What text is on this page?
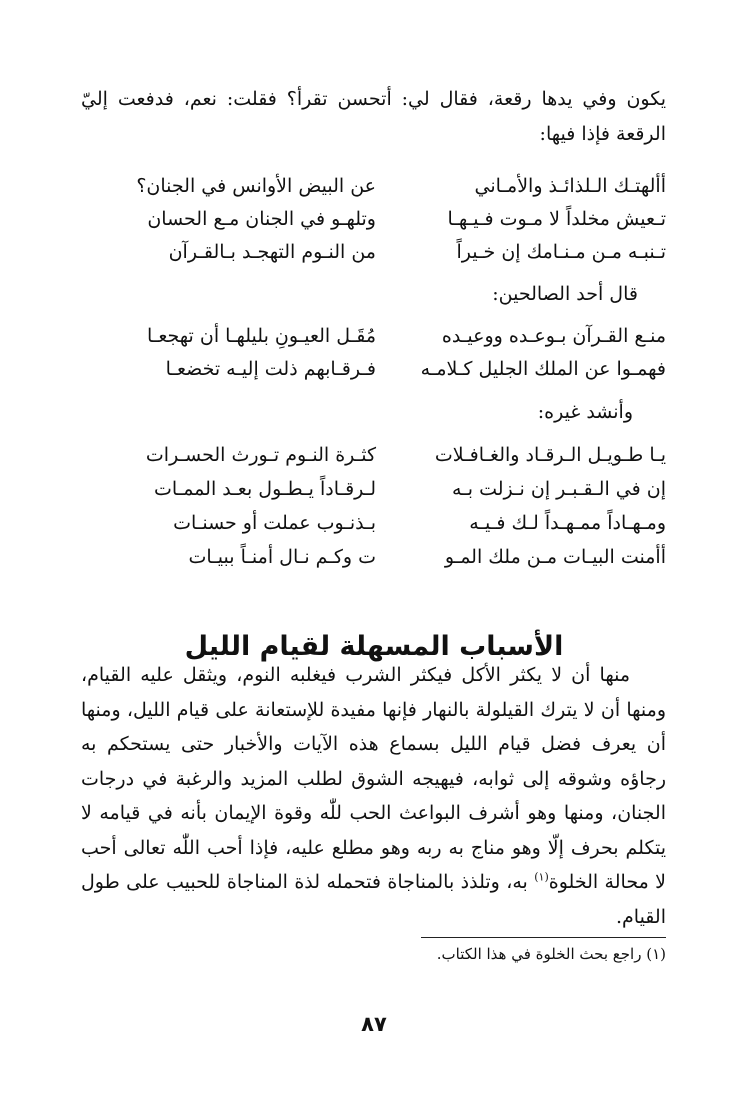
يكون وفي يدها رقعة، فقال لي: أتحسن تقرأ؟ فقلت: نعم، فدفعت إليّ الرقعة فإذا فيها:

أألهتـك الـلذائـذ والأمـاني
عن البيض الأوانس في الجنان؟
تـعيش مخلداً لا مـوت فـيـهـا
وتلهـو في الجنان مـع الحسان
تـنبـه مـن مـنـامك إن خـيراً
من النـوم التهجـد بـالقـرآن
قال أحد الصالحين:
منـع القـرآن بـوعـده ووعيـده
مُقَـل العيـونِ بليلهـا أن تهجعـا
فهمـوا عن الملك الجليل كـلامـه
فـرقـابهم ذلت إليـه تخضعـا
وأنشد غيره:
يـا طـويـل الـرقـاد والغـافـلات
كثـرة النـوم تـورث الحسـرات
إن في الـقـبـر إن نـزلت بـه
لـرقـاداً يـطـول بعـد الممـات
ومـهـاداً ممـهـداً لـك فـيـه
بـذنـوب عملت أو حسنـات
أأمنت البيـات مـن ملك المـو
ت وكـم نـال أمنـاً ببيـات
الأسباب المسهلة لقيام الليل

منها أن لا يكثر الأكل فيكثر الشرب فيغلبه النوم، ويثقل عليه القيام، ومنها أن لا يترك القيلولة بالنهار فإنها مفيدة للإستعانة على قيام الليل، ومنها أن يعرف فضل قيام الليل بسماع هذه الآيات والأخبار حتى يستحكم به رجاؤه وشوقه إلى ثوابه، فيهيجه الشوق لطلب المزيد والرغبة في درجات الجنان، ومنها وهو أشرف البواعث الحب للّٰه وقوة الإيمان بأنه في قيامه لا يتكلم بحرف إلّا وهو مناج به ربه وهو مطلع عليه، فإذا أحب اللّٰه تعالى أحب لا محالة الخلوة$^{(١)}$ به، وتلذذ بالمناجاة فتحمله لذة المناجاة للحبيب على طول القيام.

(١) راجع بحث الخلوة في هذا الكتاب.
٨٧
